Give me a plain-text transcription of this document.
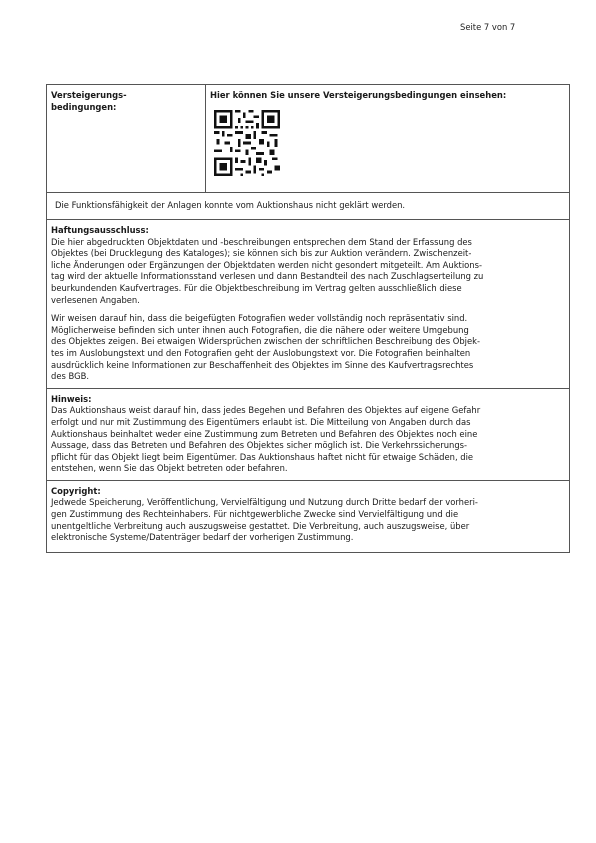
Seite 7 von 7
Versteigerungs-
bedingungen:
Hier können Sie unsere Versteigerungsbedingungen einsehen:
Die Funktionsfähigkeit der Anlagen konnte vom Auktionshaus nicht geklärt werden.
Haftungsausschluss:
Die hier abgedruckten Objektdaten und -beschreibungen entsprechen dem Stand der Erfassung des
Objektes (bei Drucklegung des Kataloges); sie können sich bis zur Auktion verändern. Zwischenzeit-
liche Änderungen oder Ergänzungen der Objektdaten werden nicht gesondert mitgeteilt. Am Auktions-
tag wird der aktuelle Informationsstand verlesen und dann Bestandteil des nach Zuschlagserteilung zu
beurkundenden Kaufvertrages. Für die Objektbeschreibung im Vertrag gelten ausschließlich diese
verlesenen Angaben.
Wir weisen darauf hin, dass die beigefügten Fotografien weder vollständig noch repräsentativ sind.
Möglicherweise befinden sich unter ihnen auch Fotografien, die die nähere oder weitere Umgebung
des Objektes zeigen. Bei etwaigen Widersprüchen zwischen der schriftlichen Beschreibung des Objek-
tes im Auslobungstext und den Fotografien geht der Auslobungstext vor. Die Fotografien beinhalten
ausdrücklich keine Informationen zur Beschaffenheit des Objektes im Sinne des Kaufvertragsrechtes
des BGB.
Hinweis:
Das Auktionshaus weist darauf hin, dass jedes Begehen und Befahren des Objektes auf eigene Gefahr
erfolgt und nur mit Zustimmung des Eigentümers erlaubt ist. Die Mitteilung von Angaben durch das
Auktionshaus beinhaltet weder eine Zustimmung zum Betreten und Befahren des Objektes noch eine
Aussage, dass das Betreten und Befahren des Objektes sicher möglich ist. Die Verkehrssicherungs-
pflicht für das Objekt liegt beim Eigentümer. Das Auktionshaus haftet nicht für etwaige Schäden, die
entstehen, wenn Sie das Objekt betreten oder befahren.
Copyright:
Jedwede Speicherung, Veröffentlichung, Vervielfältigung und Nutzung durch Dritte bedarf der vorheri-
gen Zustimmung des Rechteinhabers. Für nichtgewerbliche Zwecke sind Vervielfältigung und die
unentgeltliche Verbreitung auch auszugsweise gestattet. Die Verbreitung, auch auszugsweise, über
elektronische Systeme/Datenträger bedarf der vorherigen Zustimmung.
